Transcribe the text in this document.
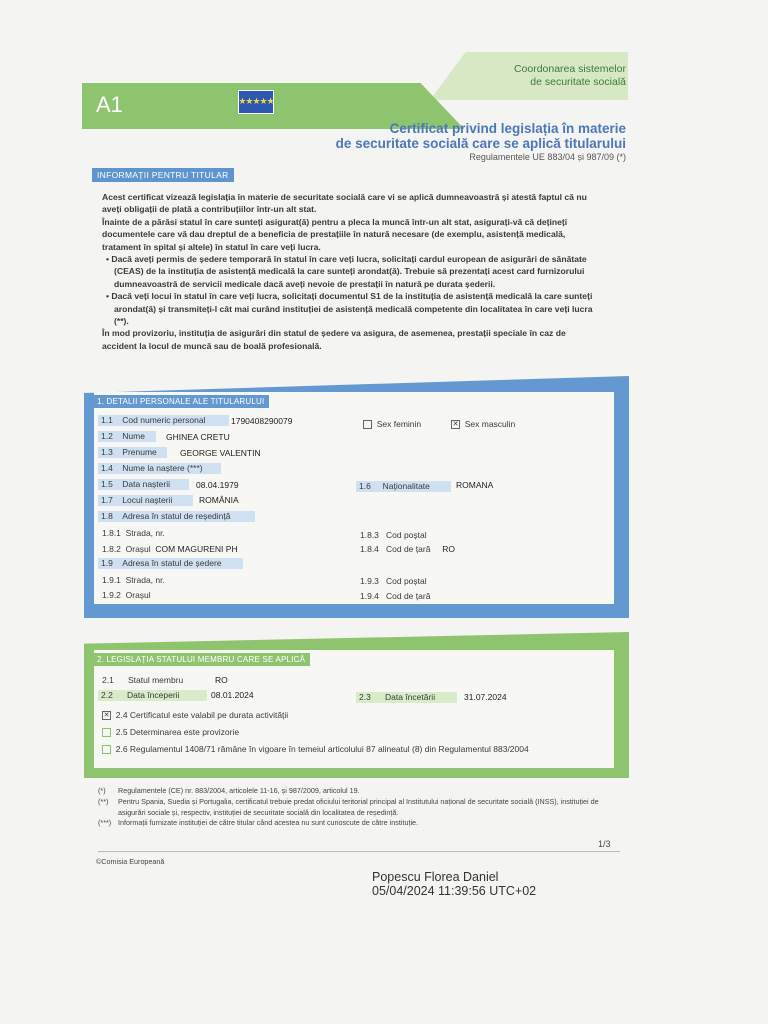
Coordonarea sistemelor
de securitate socială
A1	★★★★★
Certificat privind legislația în materie
de securitate socială care se aplică titularului
Regulamentele UE 883/04 și 987/09 (*)
INFORMAȚII PENTRU TITULAR

Acest certificat vizează legislația în materie de securitate socială care vi se aplică dumneavoastră și atestă faptul că nu aveți obligații de plată a contribuțiilor într-un alt stat.

Înainte de a părăsi statul în care sunteți asigurat(ă) pentru a pleca la muncă într-un alt stat, asigurați-vă că dețineți documentele care vă dau dreptul de a beneficia de prestațiile în natură necesare (de exemplu, asistență medicală, tratament în spital și altele) în statul în care veți lucra.

• Dacă aveți permis de ședere temporară în statul în care veți lucra, solicitați cardul european de asigurări de sănătate (CEAS) de la instituția de asistență medicală la care sunteți arondat(ă). Trebuie să prezentați acest card furnizorului dumneavoastră de servicii medicale dacă aveți nevoie de prestații în natură pe durata șederii.

• Dacă veți locui în statul în care veți lucra, solicitați documentul S1 de la instituția de asistență medicală la care sunteți arondat(ă) și transmiteți-l cât mai curând instituției de asistență medicală competente din localitatea în care veți lucra (**).

În mod provizoriu, instituția de asigurări din statul de ședere va asigura, de asemenea, prestații speciale în caz de accident la locul de muncă sau de boală profesională.

1. DETALII PERSONALE ALE TITULARULUI
1.1 Cod numeric personal	1790408290079	Sex feminin	✕ Sex masculin
1.2 Nume	GHINEA CRETU
1.3 Prenume	GEORGE VALENTIN
1.4 Nume la naștere (***)
1.5 Data nașterii	08.04.1979	1.6 Naționalitate	ROMANA
1.7 Locul nașterii	ROMÂNIA
1.8 Adresa în statul de reședință
1.8.1 Strada, nr.	1.8.3 Cod poștal
1.8.2 Orașul COM MAGURENI PH	1.8.4 Cod de țară RO
1.9 Adresa în statul de ședere
1.9.1 Strada, nr.	1.9.3 Cod poștal
1.9.2 Orașul	1.9.4 Cod de țară
2. LEGISLAȚIA STATULUI MEMBRU CARE SE APLICĂ
2.1 Statul membru	RO
2.2 Data începerii	08.01.2024	2.3 Data încetării	31.07.2024
✕ 2.4 Certificatul este valabil pe durata activității
2.5 Determinarea este provizorie
2.6 Regulamentul 1408/71 rămâne în vigoare în temeiul articolului 87 alineatul (8) din Regulamentul 883/2004
(*)	Regulamentele (CE) nr. 883/2004, articolele 11-16, și 987/2009, articolul 19.
(**)	Pentru Spania, Suedia și Portugalia, certificatul trebuie predat oficiului teritorial principal al Institutului național de securitate socială (INSS), instituției de asigurări sociale și, respectiv, instituției de securitate socială din localitatea de reședință.
(***) Informații furnizate instituției de către titular când acestea nu sunt cunoscute de către instituție.
1/3
©Comisia Europeană
Popescu Florea Daniel
05/04/2024 11:39:56 UTC+02
